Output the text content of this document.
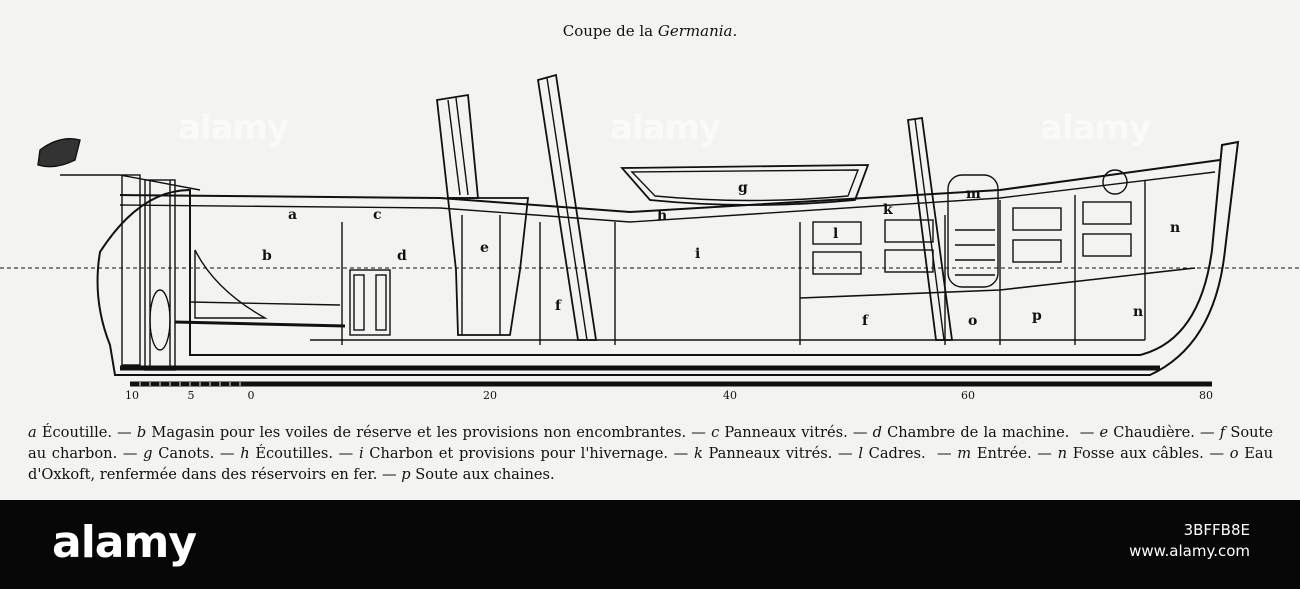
Coupe de la Germania.
a	c
b	d	e
f
g
h
i
k
l
m
n
n
f	o	p
10	5	0	20	40	60	80
alamy	alamy	alamy
a Écoutille. — b Magasin pour les voiles de réserve et les provisions non encombrantes. — c Panneaux vitrés. — d Chambre de la machine.  — e Chaudière. — f Soute au charbon. — g Canots. — h Écoutilles. — i Charbon et provisions pour l'hivernage. — k Panneaux vitrés. — l Cadres.  — m Entrée. — n Fosse aux câbles. — o Eau d'Oxkoft, renfermée dans des réservoirs en fer. — p Soute aux chaines.
alamy	3BFFB8E
www.alamy.com
